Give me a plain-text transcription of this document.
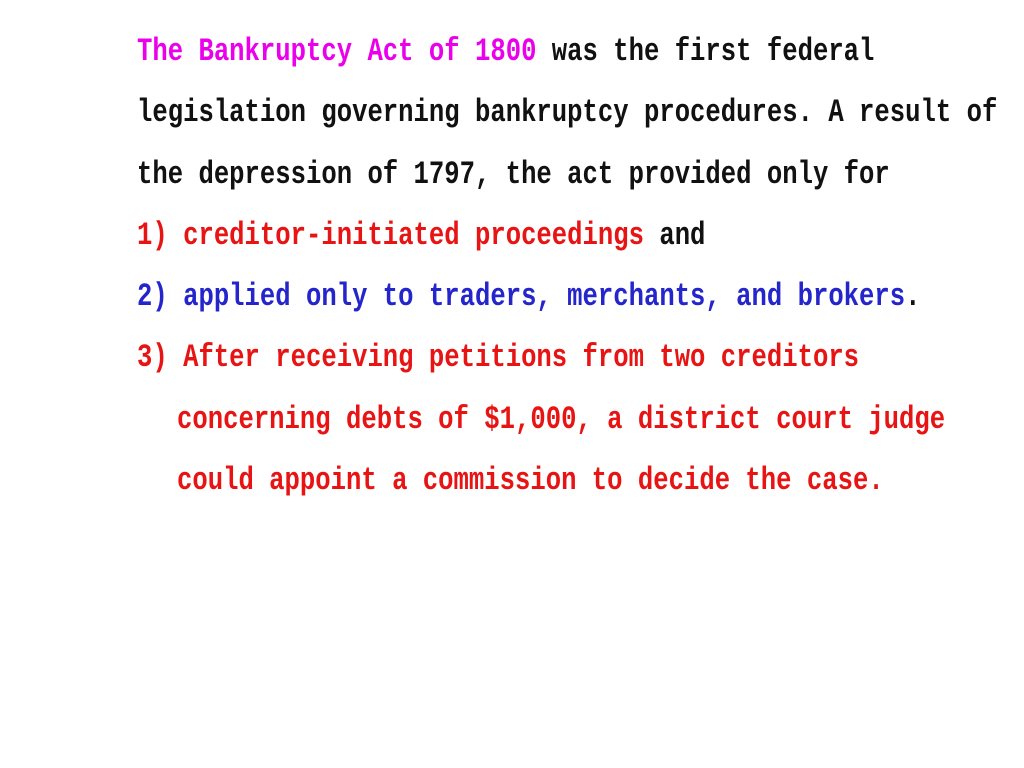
The Bankruptcy Act of 1800 was the first federal
legislation governing bankruptcy procedures. A result of
the depression of 1797, the act provided only for
1) creditor-initiated proceedings and
2) applied only to traders, merchants, and brokers.
3) After receiving petitions from two creditors
concerning debts of $1,000, a district court judge
could appoint a commission to decide the case.
